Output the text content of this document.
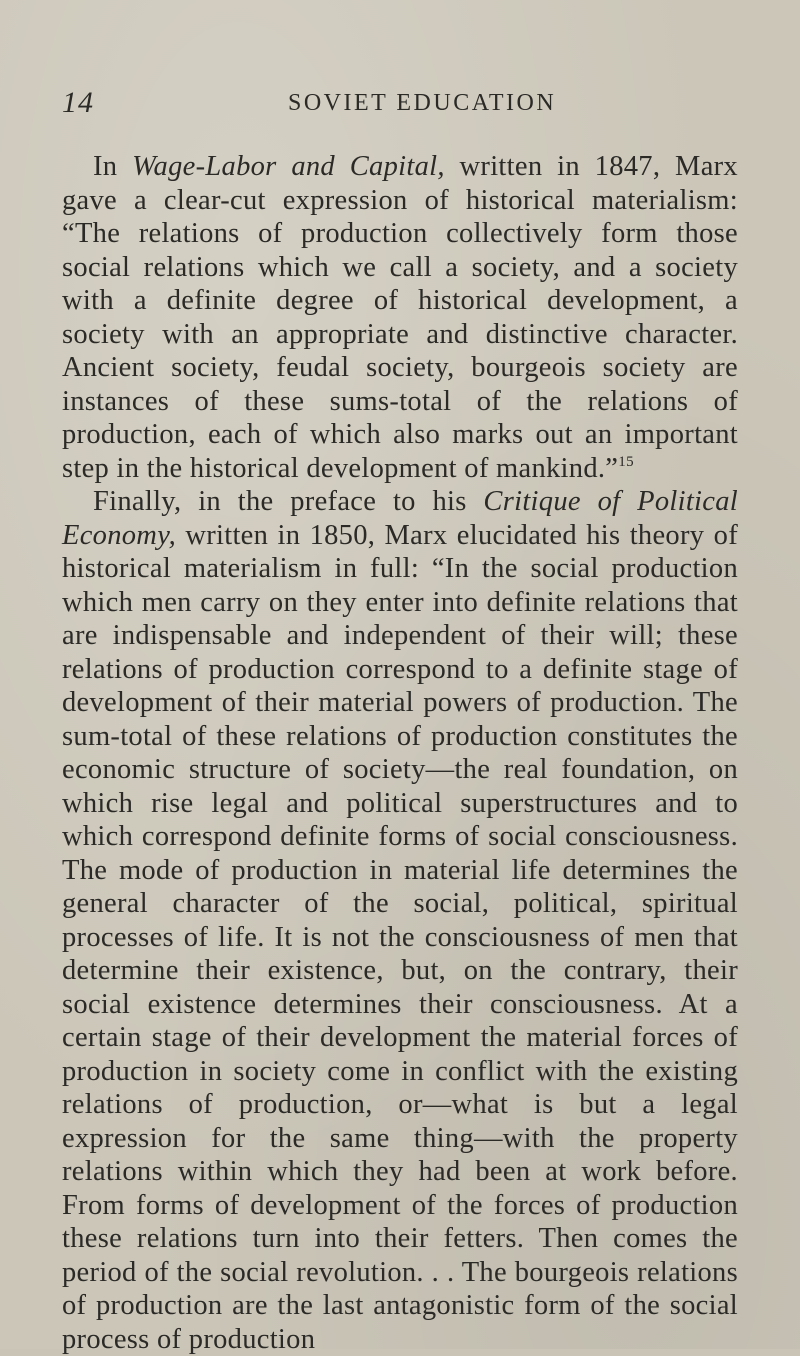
14	SOVIET EDUCATION

In Wage-Labor and Capital, written in 1847, Marx gave a clear-cut expression of historical materialism: “The relations of production collectively form those social relations which we call a society, and a society with a definite degree of historical development, a society with an appropriate and distinctive character. Ancient society, feudal society, bourgeois society are instances of these sums-total of the relations of production, each of which also marks out an important step in the historical development of mankind.”$^{15}$

Finally, in the preface to his Critique of Political Economy, written in 1850, Marx elucidated his theory of historical materialism in full: “In the social production which men carry on they enter into definite relations that are indispensable and independent of their will; these relations of production correspond to a definite stage of development of their material powers of production. The sum-total of these relations of production constitutes the economic structure of society—the real foundation, on which rise legal and political superstructures and to which correspond definite forms of social consciousness. The mode of production in material life determines the general character of the social, political, spiritual processes of life. It is not the consciousness of men that determine their existence, but, on the contrary, their social existence determines their consciousness. At a certain stage of their development the material forces of production in society come in conflict with the existing relations of production, or—what is but a legal expression for the same thing—with the property relations within which they had been at work before. From forms of development of the forces of production these relations turn into their fetters. Then comes the period of the social revolution. . . The bourgeois relations of production are the last antagonistic form of the social process of production
